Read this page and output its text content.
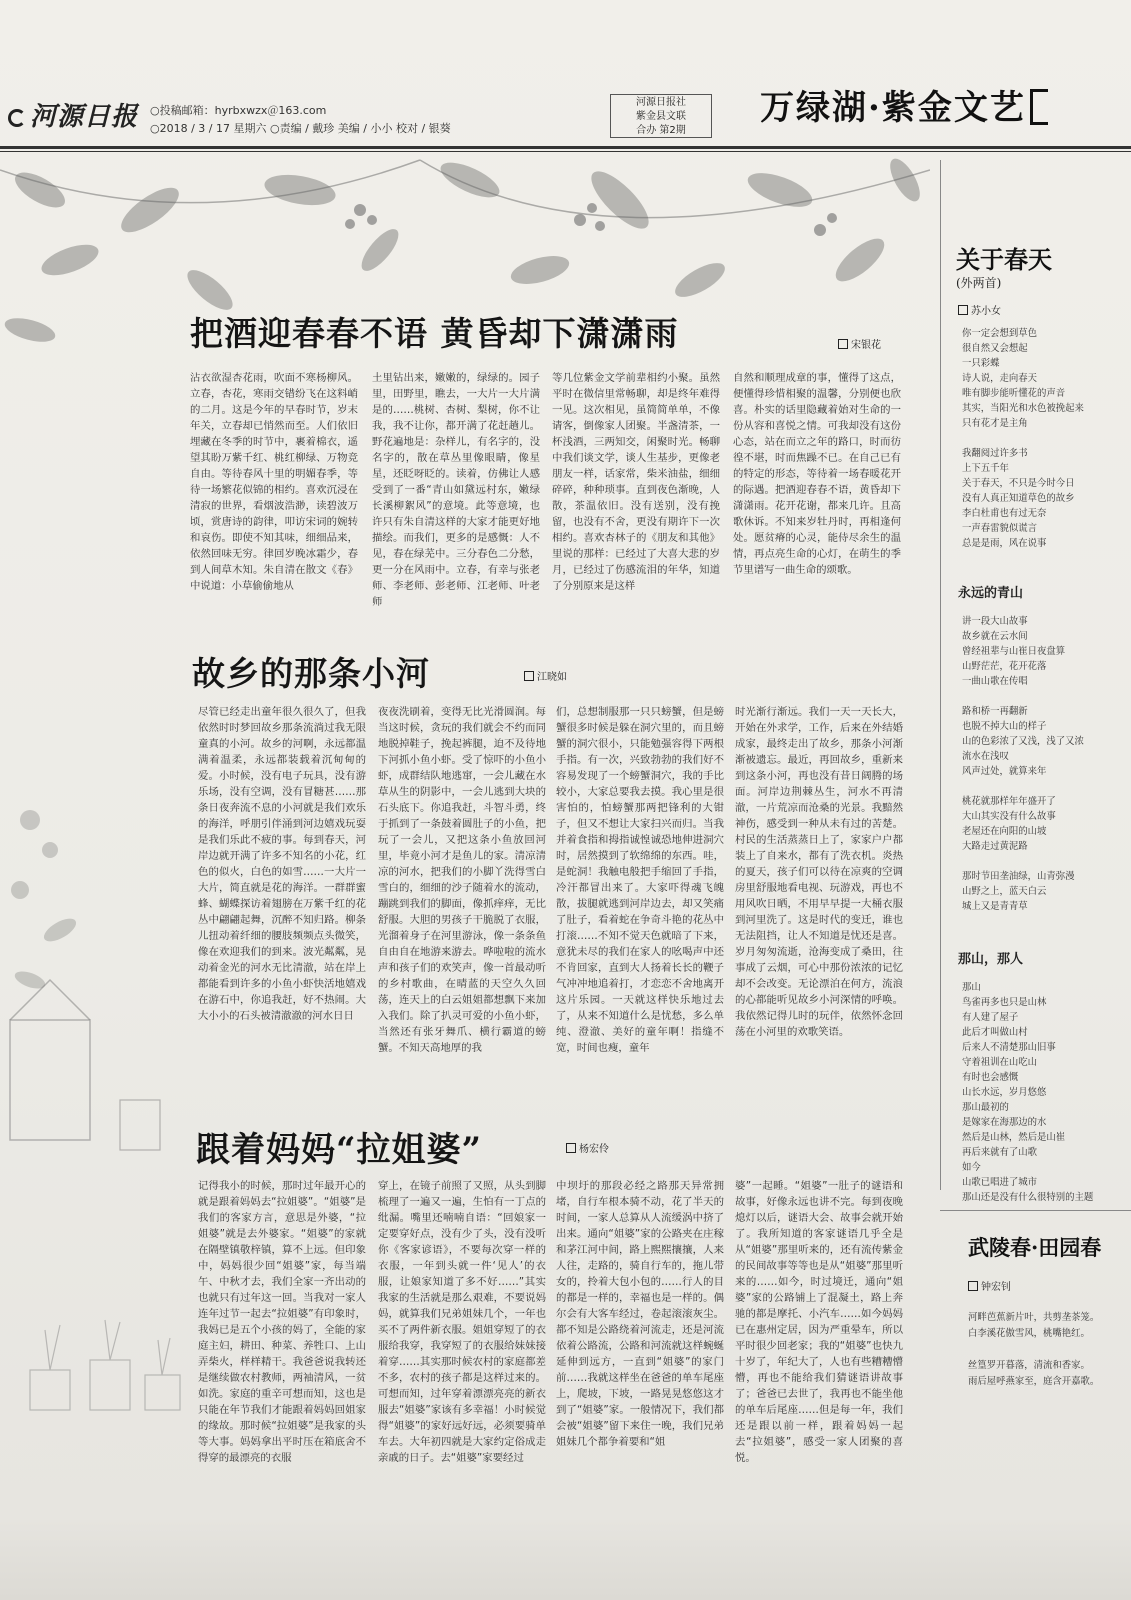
河源日报	○投稿邮箱：hyrbxwzx＠163.com
○2018 / 3 / 17 星期六 ○责编 / 戴珍 美编 / 小小 校对 / 银葵
河源日报社
紫金县文联
合办 第2期
万绿湖·紫金文艺
把酒迎春春不语 黄昏却下潇潇雨	宋银花
沾衣欲湿杏花雨，吹面不寒杨柳风。立春，杏花，寒雨交错纷飞在这料峭的二月。这是今年的早春时节，岁末年关，立春却已悄然而至。人们依旧埋藏在冬季的时节中，裹着棉衣，遥望其盼万紫千红、桃红柳绿、万物竞自由。等待春风十里的明媚春季，等待一场繁花似锦的相约。喜欢沉浸在清寂的世界，看烟波浩渺，读碧波万顷，赏唐诗的韵律，叩访宋词的婉转和哀伤。即使不知其味，细细品来，依然回味无穷。律回岁晚冰霜少，春到人间草木知。朱自清在散文《春》中说道：小草偷偷地从
土里钻出来，嫩嫩的，绿绿的。园子里，田野里，瞧去，一大片一大片满是的……桃树、杏树、梨树，你不让我，我不让你，都开满了花赶趟儿。野花遍地是：杂样儿，有名字的，没名字的，散在草丛里像眼睛，像星星，还眨呀眨的。读着，仿佛让人感受到了一番“青山如黛远村东，嫩绿长溪柳絮风”的意境。此等意境，也许只有朱自清这样的大家才能更好地描绘。而我们，更多的是感慨：人不见，春在绿芜中。三分春色二分愁，更一分在风雨中。立春，有幸与张老师、李老师、彭老师、江老师、叶老师
等几位紫金文学前辈相约小聚。虽然平时在微信里常畅聊，却是终年难得一见。这次相见，虽简简单单，不像请客，倒像家人团聚。半盏清茶，一杯浅酒，三两知交，闲聚时光。畅聊中我们谈文学，谈人生基步，更像老朋友一样，话家常，柴米油盐，细细碎碎，种种琐事。直到夜色渐晚，人散，茶温依旧。没有送别，没有挽留，也没有不舍，更没有期许下一次相约。喜欢杏林子的《朋友和其他》里说的那样：已经过了大喜大悲的岁月，已经过了伤感流泪的年华，知道了分别原来是这样
自然和顺理成章的事，懂得了这点，便懂得珍惜相聚的温馨，分别便也欣喜。朴实的话里隐藏着始对生命的一份从容和喜悦之情。可我却没有这份心态，站在而立之年的路口，时而彷徨不堪，时而焦躁不已。在自己已有的特定的形态，等待着一场春暖花开的际遇。把酒迎春春不语，黄昏却下潇潇雨。花开花谢，都来几许。且高歌休诉。不知来岁牡丹时，再相逢何处。愿贫瘠的心灵，能侍尽余生的温情，再点亮生命的心灯，在萌生的季节里谱写一曲生命的颂歌。
故乡的那条小河	江晓如
尽管已经走出童年很久很久了，但我依然时时梦回故乡那条流淌过我无限童真的小河。故乡的河啊，永远都温满着温柔，永远都装载着沉甸甸的爱。小时候，没有电子玩具，没有游乐场，没有空调，没有冒糖甚……那条日夜奔流不息的小河就是我们欢乐的海洋，呼朋引伴涌到河边嬉戏玩耍是我们乐此不疲的事。每到春天，河岸边就开满了许多不知名的小花，红色的似火，白色的如雪……一大片一大片，简直就是花的海洋。一群群蜜蜂、蝴蝶探访着翅膀在万紫千红的花丛中翩翩起舞，沉醉不知归路。柳条儿扭动着纤细的腰肢频频点头微笑，像在欢迎我们的到来。波光粼粼，晃动着金光的河水无比清澈，站在岸上都能看到许多的小鱼小虾快活地嬉戏在游石中，你追我赶，好不热闹。大大小小的石头被清澈澈的河水日日
夜夜洗刷着，变得无比光滑圆润。每当这时候，贪玩的我们就会不约而同地脱掉鞋子，挽起裤腿，迫不及待地下河抓小鱼小虾。受了惊吓的小鱼小虾，成群结队地逃窜，一会儿藏在水草从生的阴影中，一会儿逃到大块的石头底下。你追我赶，斗智斗勇，终于抓到了一条鼓着圆肚子的小鱼，把玩了一会儿，又把这条小鱼放回河里，毕竟小河才是鱼儿的家。清凉清凉的河水，把我们的小脚丫洗得雪白雪白的，细细的沙子随着水的流动，蹦跳到我们的脚面，像抓痒痒，无比舒服。大胆的男孩子干脆脱了衣服，光溜着身子在河里游泳，像一条条鱼自由自在地游来游去。哗啦啦的流水声和孩子们的欢笑声，像一首最动听的乡村歌曲，在晴蓝的天空久久回荡，连天上的白云姐姐都想飘下来加入我们。除了扒灵可爱的小鱼小虾，当然还有张牙舞爪、横行霸道的螃蟹。不知天高地厚的我
们，总想制服那一只只螃蟹，但是螃蟹很多时候是躲在洞穴里的，而且螃蟹的洞穴很小，只能勉强容得下两根手指。有一次，兴致勃勃的我们好不容易发现了一个螃蟹洞穴，我的手比较小，大家总要我去摸。我心里是很害怕的，怕螃蟹那两把锋利的大钳子，但又不想让大家扫兴而归。当我并着食指和拇指诚惶诚恐地伸进洞穴时，居然摸到了软绵绵的东西。哇，是蛇洞！我触电般把手缩回了手指，冷汗都冒出来了。大家吓得魂飞魄散，拔腿就逃到河岸边去，却又笑痛了肚子，看着蛇在争奇斗艳的花丛中打滚……不知不觉天色就暗了下来，意犹未尽的我们在家人的吆喝声中还不肯回家，直到大人扬着长长的鞭子气冲冲地追着打，才恋恋不舍地离开这片乐园。一天就这样快乐地过去了，从来不知道什么是忧愁，多么单纯、澄澈、美好的童年啊！指缝不宽，时间也瘦，童年
时光渐行渐远。我们一天一天长大，开始在外求学，工作，后来在外结婚成家，最终走出了故乡，那条小河渐渐被遗忘。最近，再回故乡，重新来到这条小河，再也没有昔日阔腾的场面。河岸边荆棘丛生，河水不再清澈，一片荒凉而沧桑的光景。我黯然神伤，感受到一种从未有过的苦楚。村民的生活蒸蒸日上了，家家户户都装上了自来水，都有了洗衣机。炎热的夏天，孩子们可以待在凉爽的空调房里舒服地看电视、玩游戏，再也不用风吹日晒，不用早早提一大桶衣服到河里洗了。这是时代的变迁，谁也无法阻挡，让人不知道是忧还是喜。岁月匆匆流逝，沧海变成了桑田，往事成了云烟，可心中那份浓浓的记忆却不会改变。无论漂泊在何方，流浪的心都能听见故乡小河深情的呼唤。我依然记得儿时的玩伴，依然怀念回荡在小河里的欢歌笑语。
跟着妈妈“拉姐婆”	杨宏伶
记得我小的时候，那时过年最开心的就是跟着妈妈去“拉姐婆”。“姐婆”是我们的客家方言，意思是外婆，“拉姐婆”就是去外婆家。“姐婆”的家就在隔壁镇敬梓镇，算不上远。但印象中，妈妈很少回“姐婆”家，每当端午、中秋才去，我们全家一齐出动的也就只有过年这一回。当我对一家人连年过节一起去“拉姐婆”有印象时，我妈已是五个小孩的妈了，全能的家庭主妇，耕田、种菜、养牲口、上山弄柴火，样样精干。我爸爸说我转还是继续做农村教师，两袖清风，一贫如洗。家庭的重辛可想而知，这也是只能在年节我们才能跟着妈妈回姐家的缘故。那时候“拉姐婆”是我家的头等大事。妈妈拿出平时压在箱底舍不得穿的最漂亮的衣服
穿上，在镜子前照了又照，从头到脚梳理了一遍又一遍，生怕有一丁点的纰漏。嘴里还喃喃自语：“回娘家一定要穿好点，没有少了头，没有没听你《客家谚语》，不要每次穿一样的衣服，一年到头就一件‘见人’的衣服，让娘家知道了多不好……”其实我家的生活就是那么艰难，不要说妈妈，就算我们兄弟姐妹几个，一年也买不了两件新衣服。姐姐穿短了的衣服给我穿，我穿短了的衣服给妹妹接着穿……其实那时候农村的家庭都差不多，农村的孩子都是这样过来的。可想而知，过年穿着漂漂亮亮的新衣服去“姐婆”家该有多幸福！小时候觉得“姐婆”的家好远好远，必须要骑单车去。大年初四就是大家约定俗成走亲戚的日子。去“姐婆”家要经过
中坝圩的那段必经之路那天异常拥堵，自行车根本骑不动，花了半天的时间，一家人总算从人流缓涡中挤了出来。通向“姐婆”家的公路夹在庄稼和茅江河中间，路上熙熙攘攘，人来人往，走路的，骑自行车的，拖儿带女的，拎着大包小包的……行人的目的都是一样的，幸福也是一样的。偶尔会有大客车经过，卷起滚滚灰尘。都不知是公路绕着河流走，还是河流依着公路流，公路和河流就这样蜿蜒延伸到远方，一直到“姐婆”的家门前……我就这样坐在爸爸的单车尾座上，爬坡，下坡，一路晃晃悠悠这才到了“姐婆”家。一般情况下，我们都会被“姐婆”留下来住一晚，我们兄弟姐妹几个都争着要和“姐
婆”一起睡。“姐婆”一肚子的谜语和故事，好像永远也讲不完。每到夜晚熄灯以后，谜语大会、故事会就开始了。我所知道的客家谜语几乎全是从“姐婆”那里听来的，还有流传紫金的民间故事等等也是从“姐婆”那里听来的……如今，时过境迁，通向“姐婆”家的公路铺上了混凝土，路上奔驰的都是摩托、小汽车……如今妈妈已在惠州定居，因为严重晕车，所以平时很少回老家；我的“姐婆”也快九十岁了，年纪大了，人也有些糟糟懵懵，再也不能给我们猜谜语讲故事了；爸爸已去世了，我再也不能坐他的单车后尾座……但是每一年，我们还是跟以前一样，跟着妈妈一起去“拉姐婆”，感受一家人团聚的喜悦。
关于春天
(外两首)
苏小女

你一定会想到草色

很自然又会想起

一只彩蝶

诗人说，走向春天

唯有脚步能听懂花的声音

其实，当阳光和水色被挽起来

只有花才是主角

我翻阅过许多书

上下五千年

关于春天，不只是今时今日

没有人真正知道草色的故乡

李白杜甫也有过无奈

一声春雷貌似谎言

总是是雨，风在说事

永远的青山

讲一段大山故事

故乡就在云水间

曾经祖辈与山崔日夜盘算

山野茫茫，花开花落

一曲山歌在传唱

路和桥一再翻新

也脱不掉大山的样子

山的色彩浓了又浅，浅了又浓

流水在浅叹

风声过处，就算来年

桃花就那样年年盛开了

大山其实没有什么故事

老屋还在向阳的山坡

大路走过黄泥路

那时节田垄油绿，山青弥漫

山野之上，蓝天白云

城上又是青青草

那山，那人

那山

鸟雀再多也只是山林

有人建了屋子

此后才叫做山村

后来人不清楚那山旧事

守着祖训在山吃山

有时也会感慨

山长水远，岁月悠悠

那山最初的

是嫁家在海那边的水

然后是山林，然后是山崔

再后来就有了山歌

如今

山歌已唱进了城市

那山还是没有什么很特别的主题

武陵春·田园春
钟宏钊

河畔芭蕉新片叶，共剪垄茶笼。

白李溪花傲雪风，桃嘴艳红。

丝篁罗开暮落，清流和香家。

雨后屋呼燕家至，庭含开嘉歌。
